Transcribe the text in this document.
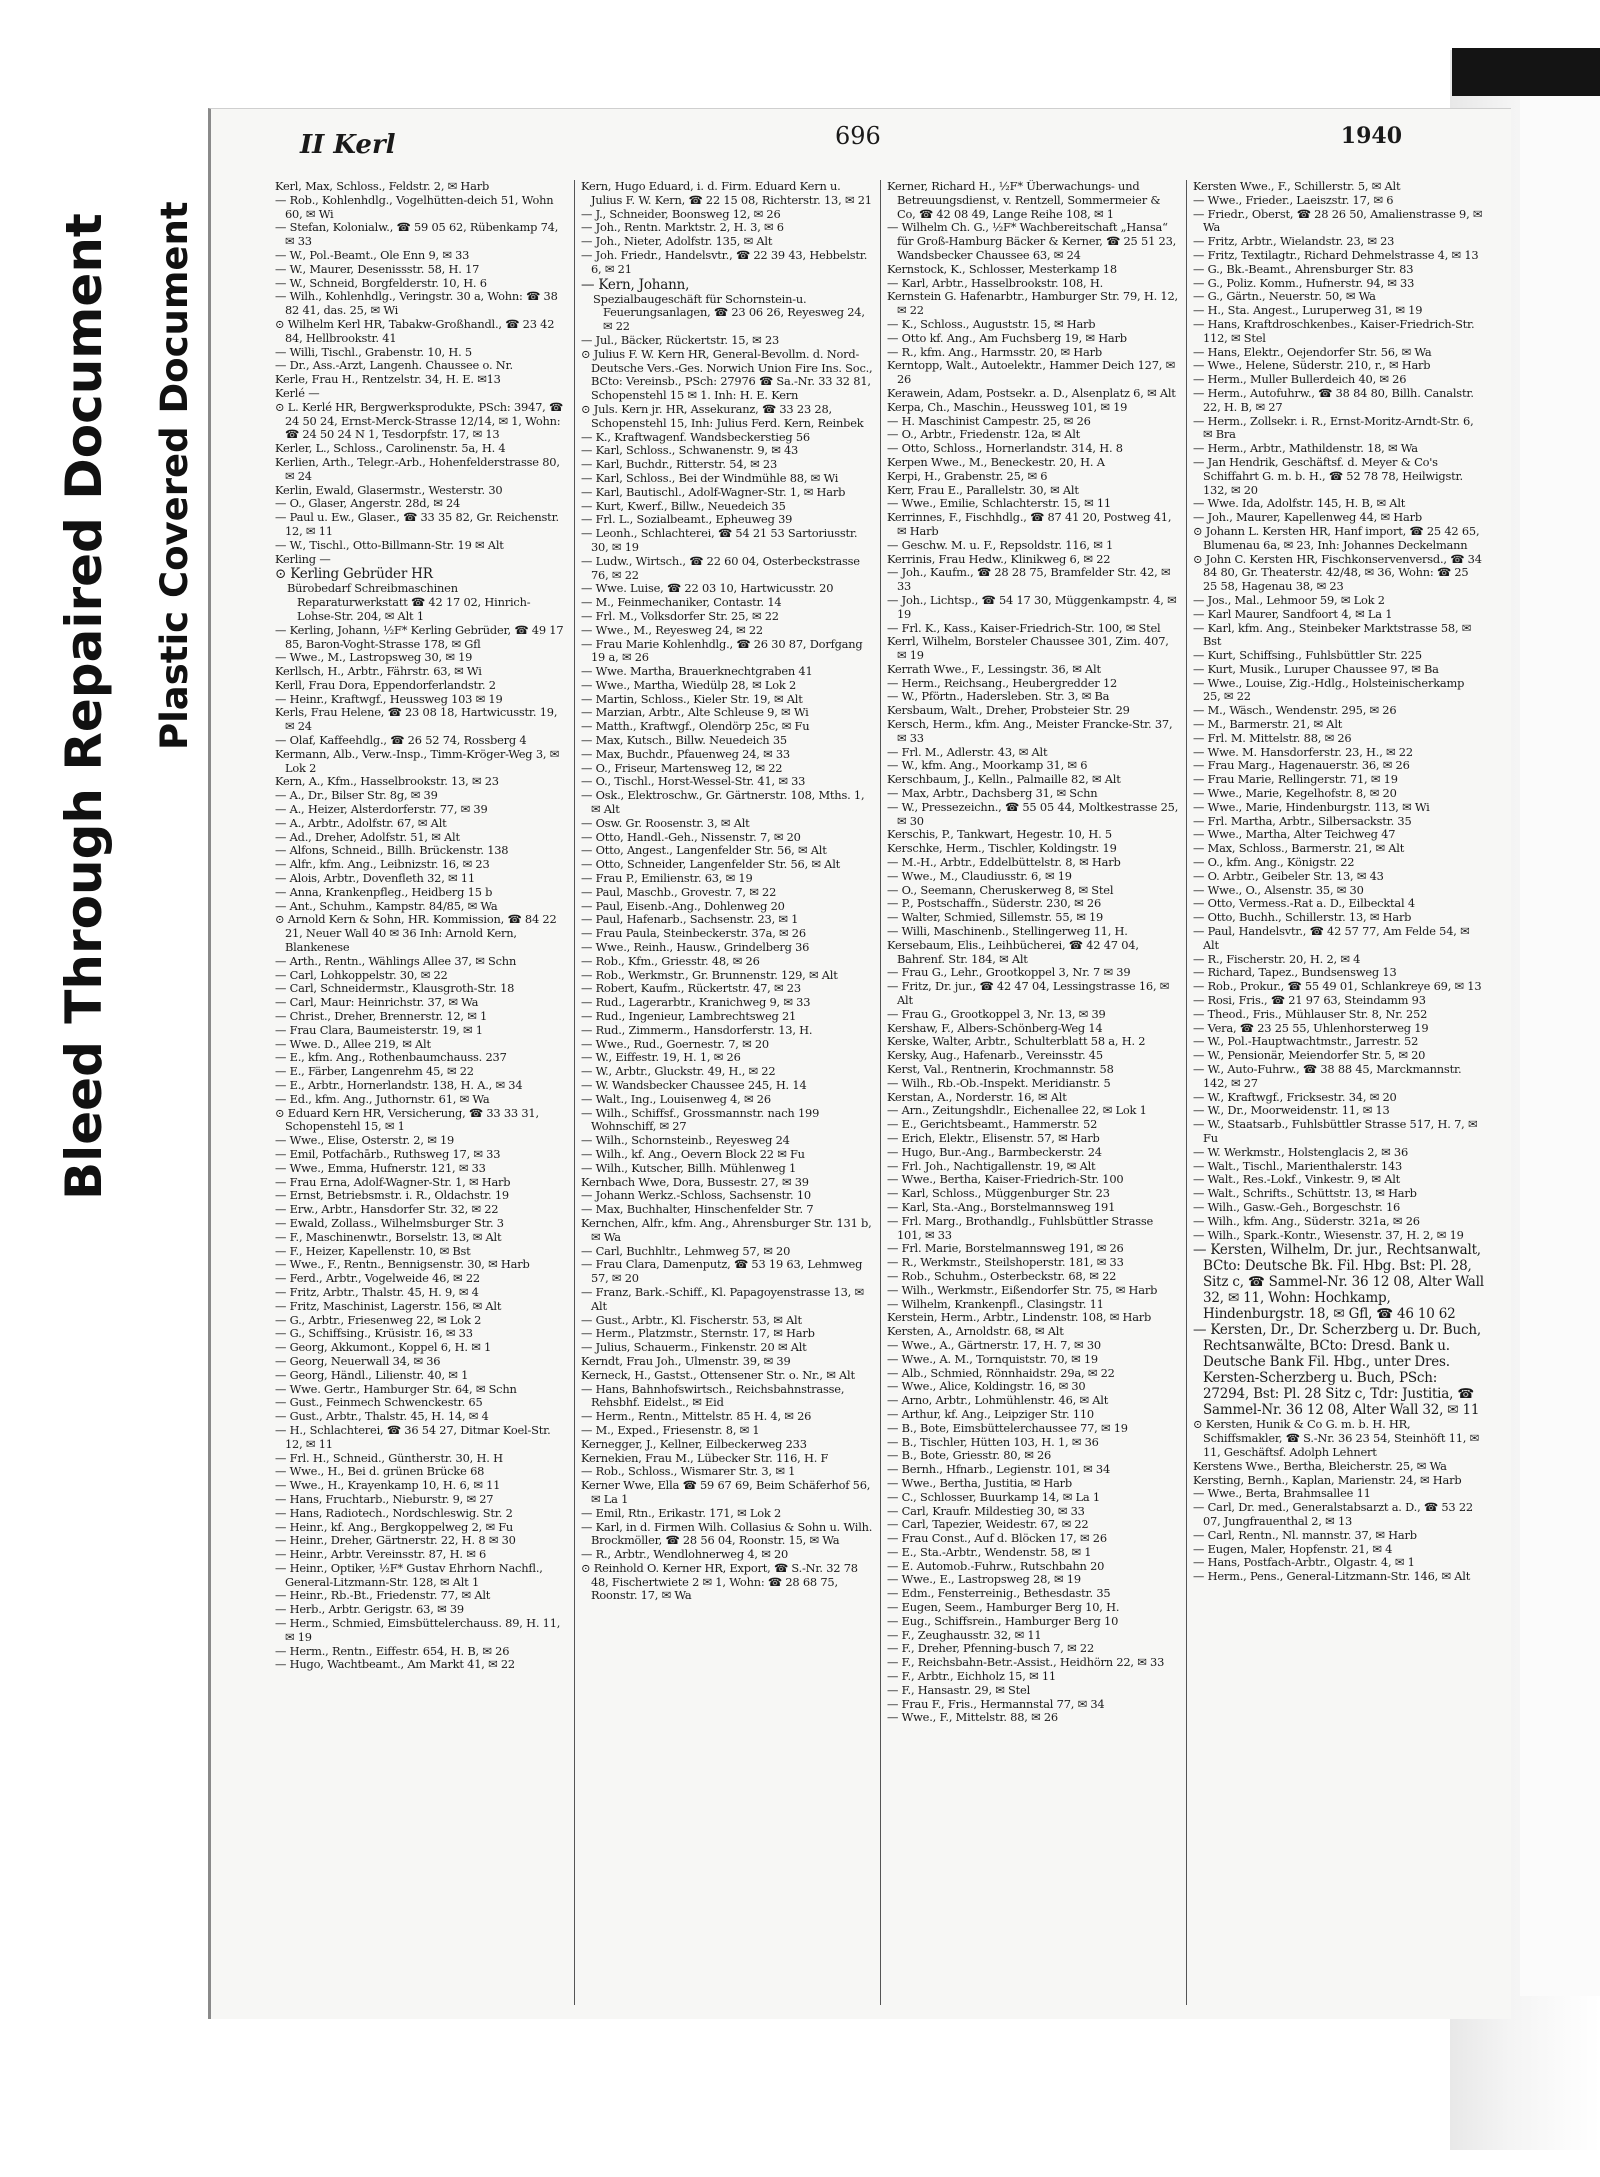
Bleed Through Repaired Document Plastic Covered Document
II Kerl	696	1940

Kerl, Max, Schloss., Feldstr. 2, ✉ Harb

— Rob., Kohlenhdlg., Vogelhütten-deich 51, Wohn 60, ✉ Wi

— Stefan, Kolonialw., ☎ 59 05 62, Rübenkamp 74, ✉ 33

— W., Pol.-Beamt., Ole Enn 9, ✉ 33

— W., Maurer, Desenissstr. 58, H. 17

— W., Schneid, Borgfelderstr. 10, H. 6

— Wilh., Kohlenhdlg., Veringstr. 30 a, Wohn: ☎ 38 82 41, das. 25, ✉ Wi

⊙ Wilhelm Kerl HR, Tabakw-Großhandl., ☎ 23 42 84, Hellbrookstr. 41

— Willi, Tischl., Grabenstr. 10, H. 5

— Dr., Ass.-Arzt, Langenh. Chaussee o. Nr.

Kerle, Frau H., Rentzelstr. 34, H. E. ✉13

Kerlé —

⊙ L. Kerlé HR, Bergwerksprodukte, PSch: 3947, ☎ 24 50 24, Ernst-Merck-Strasse 12/14, ✉ 1, Wohn: ☎ 24 50 24 N 1, Tesdorpfstr. 17, ✉ 13

Kerler, L., Schloss., Carolinenstr. 5a, H. 4

Kerlien, Arth., Telegr.-Arb., Hohenfelderstrasse 80, ✉ 24

Kerlin, Ewald, Glasermstr., Westerstr. 30

— O., Glaser, Angerstr. 28d, ✉ 24

— Paul u. Ew., Glaser., ☎ 33 35 82, Gr. Reichenstr. 12, ✉ 11

— W., Tischl., Otto-Billmann-Str. 19 ✉ Alt

Kerling —

⊙ Kerling Gebrüder HR

Bürobedarf Schreibmaschinen Reparaturwerkstatt ☎ 42 17 02, Hinrich-Lohse-Str. 204, ✉ Alt 1

— Kerling, Johann, ½F* Kerling Gebrüder, ☎ 49 17 85, Baron-Voght-Strasse 178, ✉ Gfl

— Wwe., M., Lastropsweg 30, ✉ 19

Kerllsch, H., Arbtr., Fährstr. 63, ✉ Wi

Kerll, Frau Dora, Eppendorferlandstr. 2

— Heinr., Kraftwgf., Heussweg 103 ✉ 19

Kerls, Frau Helene, ☎ 23 08 18, Hartwicusstr. 19, ✉ 24

— Olaf, Kaffeehdlg., ☎ 26 52 74, Rossberg 4

Kermann, Alb., Verw.-Insp., Timm-Kröger-Weg 3, ✉ Lok 2

Kern, A., Kfm., Hasselbrookstr. 13, ✉ 23

— A., Dr., Bilser Str. 8g, ✉ 39

— A., Heizer, Alsterdorferstr. 77, ✉ 39

— A., Arbtr., Adolfstr. 67, ✉ Alt

— Ad., Dreher, Adolfstr. 51, ✉ Alt

— Alfons, Schneid., Billh. Brückenstr. 138

— Alfr., kfm. Ang., Leibnizstr. 16, ✉ 23

— Alois, Arbtr., Dovenfleth 32, ✉ 11

— Anna, Krankenpfleg., Heidberg 15 b

— Ant., Schuhm., Kampstr. 84/85, ✉ Wa

⊙ Arnold Kern & Sohn, HR. Kommission, ☎ 84 22 21, Neuer Wall 40 ✉ 36 Inh: Arnold Kern, Blankenese

— Arth., Rentn., Wählings Allee 37, ✉ Schn

— Carl, Lohkoppelstr. 30, ✉ 22

— Carl, Schneidermstr., Klausgroth-Str. 18

— Carl, Maur: Heinrichstr. 37, ✉ Wa

— Christ., Dreher, Brennerstr. 12, ✉ 1

— Frau Clara, Baumeisterstr. 19, ✉ 1

— Wwe. D., Allee 219, ✉ Alt

— E., kfm. Ang., Rothenbaumchauss. 237

— E., Färber, Langenrehm 45, ✉ 22

— E., Arbtr., Hornerlandstr. 138, H. A., ✉ 34

— Ed., kfm. Ang., Juthornstr. 61, ✉ Wa

⊙ Eduard Kern HR, Versicherung, ☎ 33 33 31, Schopenstehl 15, ✉ 1

— Wwe., Elise, Osterstr. 2, ✉ 19

— Emil, Potfachārb., Ruthsweg 17, ✉ 33

— Wwe., Emma, Hufnerstr. 121, ✉ 33

— Frau Erna, Adolf-Wagner-Str. 1, ✉ Harb

— Ernst, Betriebsmstr. i. R., Oldachstr. 19

— Erw., Arbtr., Hansdorfer Str. 32, ✉ 22

— Ewald, Zollass., Wilhelmsburger Str. 3

— F., Maschinenwtr., Borselstr. 13, ✉ Alt

— F., Heizer, Kapellenstr. 10, ✉ Bst

— Wwe., F., Rentn., Bennigsenstr. 30, ✉ Harb

— Ferd., Arbtr., Vogelweide 46, ✉ 22

— Fritz, Arbtr., Thalstr. 45, H. 9, ✉ 4

— Fritz, Maschinist, Lagerstr. 156, ✉ Alt

— G., Arbtr., Friesenweg 22, ✉ Lok 2

— G., Schiffsing., Krüsistr. 16, ✉ 33

— Georg, Akkumont., Koppel 6, H. ✉ 1

— Georg, Neuerwall 34, ✉ 36

— Georg, Händl., Lilienstr. 40, ✉ 1

— Wwe. Gertr., Hamburger Str. 64, ✉ Schn

— Gust., Feinmech Schwenckestr. 65

— Gust., Arbtr., Thalstr. 45, H. 14, ✉ 4

— H., Schlachterei, ☎ 36 54 27, Ditmar Koel-Str. 12, ✉ 11

— Frl. H., Schneid., Güntherstr. 30, H. H

— Wwe., H., Bei d. grünen Brücke 68

— Wwe., H., Krayenkamp 10, H. 6, ✉ 11

— Hans, Fruchtarb., Nieburstr. 9, ✉ 27

— Hans, Radiotech., Nordschleswig. Str. 2

— Heinr., kf. Ang., Bergkoppelweg 2, ✉ Fu

— Heinr., Dreher, Gärtnerstr. 22, H. 8 ✉ 30

— Heinr., Arbtr. Vereinsstr. 87, H. ✉ 6

— Heinr., Optiker, ½F* Gustav Ehrhorn Nachfl., General-Litzmann-Str. 128, ✉ Alt 1

— Heinr., Rb.-Bt., Friedenstr. 77, ✉ Alt

— Herb., Arbtr. Gerigstr. 63, ✉ 39

— Herm., Schmied, Eimsbüttelerchauss. 89, H. 11, ✉ 19

— Herm., Rentn., Eiffestr. 654, H. B, ✉ 26

— Hugo, Wachtbeamt., Am Markt 41, ✉ 22

Kern, Hugo Eduard, i. d. Firm. Eduard Kern u. Julius F. W. Kern, ☎ 22 15 08, Richterstr. 13, ✉ 21

— J., Schneider, Boonsweg 12, ✉ 26

— Joh., Rentn. Marktstr. 2, H. 3, ✉ 6

— Joh., Nieter, Adolfstr. 135, ✉ Alt

— Joh. Friedr., Handelsvtr., ☎ 22 39 43, Hebbelstr. 6, ✉ 21

— Kern, Johann,

Spezialbaugeschäft für Schornstein-u. Feuerungsanlagen, ☎ 23 06 26, Reyesweg 24, ✉ 22

— Jul., Bäcker, Rückertstr. 15, ✉ 23

⊙ Julius F. W. Kern HR, General-Bevollm. d. Nord-Deutsche Vers.-Ges. Norwich Union Fire Ins. Soc., BCto: Vereinsb., PSch: 27976 ☎ Sa.-Nr. 33 32 81, Schopenstehl 15 ✉ 1. Inh: H. E. Kern

⊙ Juls. Kern jr. HR, Assekuranz, ☎ 33 23 28, Schopenstehl 15, Inh: Julius Ferd. Kern, Reinbek

— K., Kraftwagenf. Wandsbeckerstieg 56

— Karl, Schloss., Schwanenstr. 9, ✉ 43

— Karl, Buchdr., Ritterstr. 54, ✉ 23

— Karl, Schloss., Bei der Windmühle 88, ✉ Wi

— Karl, Bautischl., Adolf-Wagner-Str. 1, ✉ Harb

— Kurt, Kwerf., Billw., Neuedeich 35

— Frl. L., Sozialbeamt., Epheuweg 39

— Leonh., Schlachterei, ☎ 54 21 53 Sartoriusstr. 30, ✉ 19

— Ludw., Wirtsch., ☎ 22 60 04, Osterbeckstrasse 76, ✉ 22

— Wwe. Luise, ☎ 22 03 10, Hartwicusstr. 20

— M., Feinmechaniker, Contastr. 14

— Frl. M., Volksdorfer Str. 25, ✉ 22

— Wwe., M., Reyesweg 24, ✉ 22

— Frau Marie Kohlenhdlg., ☎ 26 30 87, Dorfgang 19 a, ✉ 26

— Wwe. Martha, Brauerknechtgraben 41

— Wwe., Martha, Wiedülp 28, ✉ Lok 2

— Martin, Schloss., Kieler Str. 19, ✉ Alt

— Marzian, Arbtr., Alte Schleuse 9, ✉ Wi

— Matth., Kraftwgf., Olendörp 25c, ✉ Fu

— Max, Kutsch., Billw. Neuedeich 35

— Max, Buchdr., Pfauenweg 24, ✉ 33

— O., Friseur, Martensweg 12, ✉ 22

— O., Tischl., Horst-Wessel-Str. 41, ✉ 33

— Osk., Elektroschw., Gr. Gärtnerstr. 108, Mths. 1, ✉ Alt

— Osw. Gr. Roosenstr. 3, ✉ Alt

— Otto, Handl.-Geh., Nissenstr. 7, ✉ 20

— Otto, Angest., Langenfelder Str. 56, ✉ Alt

— Otto, Schneider, Langenfelder Str. 56, ✉ Alt

— Frau P., Emilienstr. 63, ✉ 19

— Paul, Maschb., Grovestr. 7, ✉ 22

— Paul, Eisenb.-Ang., Dohlenweg 20

— Paul, Hafenarb., Sachsenstr. 23, ✉ 1

— Frau Paula, Steinbeckerstr. 37a, ✉ 26

— Wwe., Reinh., Hausw., Grindelberg 36

— Rob., Kfm., Griesstr. 48, ✉ 26

— Rob., Werkmstr., Gr. Brunnenstr. 129, ✉ Alt

— Robert, Kaufm., Rückertstr. 47, ✉ 23

— Rud., Lagerarbtr., Kranichweg 9, ✉ 33

— Rud., Ingenieur, Lambrechtsweg 21

— Rud., Zimmerm., Hansdorferstr. 13, H.

— Wwe., Rud., Goernestr. 7, ✉ 20

— W., Eiffestr. 19, H. 1, ✉ 26

— W., Arbtr., Gluckstr. 49, H., ✉ 22

— W. Wandsbecker Chaussee 245, H. 14

— Walt., Ing., Louisenweg 4, ✉ 26

— Wilh., Schiffsf., Grossmannstr. nach 199 Wohnschiff, ✉ 27

— Wilh., Schornsteinb., Reyesweg 24

— Wilh., kf. Ang., Oevern Block 22 ✉ Fu

— Wilh., Kutscher, Billh. Mühlenweg 1

Kernbach Wwe, Dora, Bussestr. 27, ✉ 39

— Johann Werkz.-Schloss, Sachsenstr. 10

— Max, Buchhalter, Hinschenfelder Str. 7

Kernchen, Alfr., kfm. Ang., Ahrensburger Str. 131 b, ✉ Wa

— Carl, Buchhltr., Lehmweg 57, ✉ 20

— Frau Clara, Damenputz, ☎ 53 19 63, Lehmweg 57, ✉ 20

— Franz, Bark.-Schiff., Kl. Papagoyenstrasse 13, ✉ Alt

— Gust., Arbtr., Kl. Fischerstr. 53, ✉ Alt

— Herm., Platzmstr., Sternstr. 17, ✉ Harb

— Julius, Schauerm., Finkenstr. 20 ✉ Alt

Kerndt, Frau Joh., Ulmenstr. 39, ✉ 39

Kerneck, H., Gastst., Ottensener Str. o. Nr., ✉ Alt

— Hans, Bahnhofswirtsch., Reichsbahnstrasse, Rehsbhf. Eidelst., ✉ Eid

— Herm., Rentn., Mittelstr. 85 H. 4, ✉ 26

— M., Exped., Friesenstr. 8, ✉ 1

Kernegger, J., Kellner, Eilbeckerweg 233

Kernekien, Frau M., Lübecker Str. 116, H. F

— Rob., Schloss., Wismarer Str. 3, ✉ 1

Kerner Wwe, Ella ☎ 59 67 69, Beim Schäferhof 56, ✉ La 1

— Emil, Rtn., Erikastr. 171, ✉ Lok 2

— Karl, in d. Firmen Wilh. Collasius & Sohn u. Wilh. Brockmöller, ☎ 28 56 04, Roonstr. 15, ✉ Wa

— R., Arbtr., Wendlohnerweg 4, ✉ 20

⊙ Reinhold O. Kerner HR, Export, ☎ S.-Nr. 32 78 48, Fischertwiete 2 ✉ 1, Wohn: ☎ 28 68 75, Roonstr. 17, ✉ Wa

Kerner, Richard H., ½F* Überwachungs- und Betreuungsdienst, v. Rentzell, Sommermeier & Co, ☎ 42 08 49, Lange Reihe 108, ✉ 1

— Wilhelm Ch. G., ½F* Wachbereitschaft „Hansa“ für Groß-Hamburg Bäcker & Kerner, ☎ 25 51 23, Wandsbecker Chaussee 63, ✉ 24

Kernstock, K., Schlosser, Mesterkamp 18

— Karl, Arbtr., Hasselbrookstr. 108, H.

Kernstein G. Hafenarbtr., Hamburger Str. 79, H. 12, ✉ 22

— K., Schloss., Auguststr. 15, ✉ Harb

— Otto kf. Ang., Am Fuchsberg 19, ✉ Harb

— R., kfm. Ang., Harmsstr. 20, ✉ Harb

Kerntopp, Walt., Autoelektr., Hammer Deich 127, ✉ 26

Kerawein, Adam, Postsekr. a. D., Alsenplatz 6, ✉ Alt

Kerpa, Ch., Maschin., Heussweg 101, ✉ 19

— H. Maschinist Campestr. 25, ✉ 26

— O., Arbtr., Friedenstr. 12a, ✉ Alt

— Otto, Schloss., Hornerlandstr. 314, H. 8

Kerpen Wwe., M., Beneckestr. 20, H. A

Kerpi, H., Grabenstr. 25, ✉ 6

Kerr, Frau E., Parallelstr. 30, ✉ Alt

— Wwe., Emilie, Schlachterstr. 15, ✉ 11

Kerrinnes, F., Fischhdlg., ☎ 87 41 20, Postweg 41, ✉ Harb

— Geschw. M. u. F., Repsoldstr. 116, ✉ 1

Kerrinis, Frau Hedw., Klinikweg 6, ✉ 22

— Joh., Kaufm., ☎ 28 28 75, Bramfelder Str. 42, ✉ 33

— Joh., Lichtsp., ☎ 54 17 30, Müggenkampstr. 4, ✉ 19

— Frl. K., Kass., Kaiser-Friedrich-Str. 100, ✉ Stel

Kerrl, Wilhelm, Borsteler Chaussee 301, Zim. 407, ✉ 19

Kerrath Wwe., F., Lessingstr. 36, ✉ Alt

— Herm., Reichsang., Heubergredder 12

— W., Pförtn., Hadersleben. Str. 3, ✉ Ba

Kersbaum, Walt., Dreher, Probsteier Str. 29

Kersch, Herm., kfm. Ang., Meister Francke-Str. 37, ✉ 33

— Frl. M., Adlerstr. 43, ✉ Alt

— W., kfm. Ang., Moorkamp 31, ✉ 6

Kerschbaum, J., Kelln., Palmaille 82, ✉ Alt

— Max, Arbtr., Dachsberg 31, ✉ Schn

— W., Pressezeichn., ☎ 55 05 44, Moltkestrasse 25, ✉ 30

Kerschis, P., Tankwart, Hegestr. 10, H. 5

Kerschke, Herm., Tischler, Koldingstr. 19

— M.-H., Arbtr., Eddelbüttelstr. 8, ✉ Harb

— Wwe., M., Claudiusstr. 6, ✉ 19

— O., Seemann, Cheruskerweg 8, ✉ Stel

— P., Postschaffn., Süderstr. 230, ✉ 26

— Walter, Schmied, Sillemstr. 55, ✉ 19

— Willi, Maschinenb., Stellingerweg 11, H.

Kersebaum, Elis., Leihbücherei, ☎ 42 47 04, Bahrenf. Str. 184, ✉ Alt

— Frau G., Lehr., Grootkoppel 3, Nr. 7 ✉ 39

— Fritz, Dr. jur., ☎ 42 47 04, Lessingstrasse 16, ✉ Alt

— Frau G., Grootkoppel 3, Nr. 13, ✉ 39

Kershaw, F., Albers-Schönberg-Weg 14

Kerske, Walter, Arbtr., Schulterblatt 58 a, H. 2

Kersky, Aug., Hafenarb., Vereinsstr. 45

Kerst, Val., Rentnerin, Krochmannstr. 58

— Wilh., Rb.-Ob.-Inspekt. Meridianstr. 5

Kerstan, A., Norderstr. 16, ✉ Alt

— Arn., Zeitungshdlr., Eichenallee 22, ✉ Lok 1

— E., Gerichtsbeamt., Hammerstr. 52

— Erich, Elektr., Elisenstr. 57, ✉ Harb

— Hugo, Bur.-Ang., Barmbeckerstr. 24

— Frl. Joh., Nachtigallenstr. 19, ✉ Alt

— Wwe., Bertha, Kaiser-Friedrich-Str. 100

— Karl, Schloss., Müggenburger Str. 23

— Karl, Sta.-Ang., Borstelmannsweg 191

— Frl. Marg., Brothandlg., Fuhlsbüttler Strasse 101, ✉ 33

— Frl. Marie, Borstelmannsweg 191, ✉ 26

— R., Werkmstr., Steilshoperstr. 181, ✉ 33

— Rob., Schuhm., Osterbeckstr. 68, ✉ 22

— Wilh., Werkmstr., Eißendorfer Str. 75, ✉ Harb

— Wilhelm, Krankenpfl., Clasingstr. 11

Kerstein, Herm., Arbtr., Lindenstr. 108, ✉ Harb

Kersten, A., Arnoldstr. 68, ✉ Alt

— Wwe., A., Gärtnerstr. 17, H. 7, ✉ 30

— Wwe., A. M., Tornquiststr. 70, ✉ 19

— Alb., Schmied, Rönnhaidstr. 29a, ✉ 22

— Wwe., Alice, Koldingstr. 16, ✉ 30

— Arno, Arbtr., Lohmühlenstr. 46, ✉ Alt

— Arthur, kf. Ang., Leipziger Str. 110

— B., Bote, Eimsbüttelerchaussee 77, ✉ 19

— B., Tischler, Hütten 103, H. 1, ✉ 36

— B., Bote, Griesstr. 80, ✉ 26

— Bernh., Hfnarb., Legienstr. 101, ✉ 34

— Wwe., Bertha, Justitia, ✉ Harb

— C., Schlosser, Buurkamp 14, ✉ La 1

— Carl, Kraufr. Mildestieg 30, ✉ 33

— Carl, Tapezier, Weidestr. 67, ✉ 22

— Frau Const., Auf d. Blöcken 17, ✉ 26

— E., Sta.-Arbtr., Wendenstr. 58, ✉ 1

— E. Automob.-Fuhrw., Rutschbahn 20

— Wwe., E., Lastropsweg 28, ✉ 19

— Edm., Fensterreinig., Bethesdastr. 35

— Eugen, Seem., Hamburger Berg 10, H.

— Eug., Schiffsrein., Hamburger Berg 10

— F., Zeughausstr. 32, ✉ 11

— F., Dreher, Pfenning-busch 7, ✉ 22

— F., Reichsbahn-Betr.-Assist., Heidhörn 22, ✉ 33

— F., Arbtr., Eichholz 15, ✉ 11

— F., Hansastr. 29, ✉ Stel

— Frau F., Fris., Hermannstal 77, ✉ 34

— Wwe., F., Mittelstr. 88, ✉ 26

Kersten Wwe., F., Schillerstr. 5, ✉ Alt

— Wwe., Frieder., Laeiszstr. 17, ✉ 6

— Friedr., Oberst, ☎ 28 26 50, Amalienstrasse 9, ✉ Wa

— Fritz, Arbtr., Wielandstr. 23, ✉ 23

— Fritz, Textilagtr., Richard Dehmelstrasse 4, ✉ 13

— G., Bk.-Beamt., Ahrensburger Str. 83

— G., Poliz. Komm., Hufnerstr. 94, ✉ 33

— G., Gärtn., Neuerstr. 50, ✉ Wa

— H., Sta. Angest., Luruperweg 31, ✉ 19

— Hans, Kraftdroschkenbes., Kaiser-Friedrich-Str. 112, ✉ Stel

— Hans, Elektr., Oejendorfer Str. 56, ✉ Wa

— Wwe., Helene, Süderstr. 210, r., ✉ Harb

— Herm., Muller Bullerdeich 40, ✉ 26

— Herm., Autofuhrw., ☎ 38 84 80, Billh. Canalstr. 22, H. B, ✉ 27

— Herm., Zollsekr. i. R., Ernst-Moritz-Arndt-Str. 6, ✉ Bra

— Herm., Arbtr., Mathildenstr. 18, ✉ Wa

— Jan Hendrik, Geschäftsf. d. Meyer & Co's Schiffahrt G. m. b. H., ☎ 52 78 78, Heilwigstr. 132, ✉ 20

— Wwe. Ida, Adolfstr. 145, H. B, ✉ Alt

— Joh., Maurer, Kapellenweg 44, ✉ Harb

⊙ Johann L. Kersten HR, Hanf import, ☎ 25 42 65, Blumenau 6a, ✉ 23, Inh: Johannes Deckelmann

⊙ John C. Kersten HR, Fischkonservenversd., ☎ 34 84 80, Gr. Theaterstr. 42/48, ✉ 36, Wohn: ☎ 25 25 58, Hagenau 38, ✉ 23

— Jos., Mal., Lehmoor 59, ✉ Lok 2

— Karl Maurer, Sandfoort 4, ✉ La 1

— Karl, kfm. Ang., Steinbeker Marktstrasse 58, ✉ Bst

— Kurt, Schiffsing., Fuhlsbüttler Str. 225

— Kurt, Musik., Luruper Chaussee 97, ✉ Ba

— Wwe., Louise, Zig.-Hdlg., Holsteinischerkamp 25, ✉ 22

— M., Wäsch., Wendenstr. 295, ✉ 26

— M., Barmerstr. 21, ✉ Alt

— Frl. M. Mittelstr. 88, ✉ 26

— Wwe. M. Hansdorferstr. 23, H., ✉ 22

— Frau Marg., Hagenauerstr. 36, ✉ 26

— Frau Marie, Rellingerstr. 71, ✉ 19

— Wwe., Marie, Kegelhofstr. 8, ✉ 20

— Wwe., Marie, Hindenburgstr. 113, ✉ Wi

— Frl. Martha, Arbtr., Silbersackstr. 35

— Wwe., Martha, Alter Teichweg 47

— Max, Schloss., Barmerstr. 21, ✉ Alt

— O., kfm. Ang., Königstr. 22

— O. Arbtr., Geibeler Str. 13, ✉ 43

— Wwe., O., Alsenstr. 35, ✉ 30

— Otto, Vermess.-Rat a. D., Eilbecktal 4

— Otto, Buchh., Schillerstr. 13, ✉ Harb

— Paul, Handelsvtr., ☎ 42 57 77, Am Felde 54, ✉ Alt

— R., Fischerstr. 20, H. 2, ✉ 4

— Richard, Tapez., Bundsensweg 13

— Rob., Prokur., ☎ 55 49 01, Schlankreye 69, ✉ 13

— Rosi, Fris., ☎ 21 97 63, Steindamm 93

— Theod., Fris., Mühlauser Str. 8, Nr. 252

— Vera, ☎ 23 25 55, Uhlenhorsterweg 19

— W., Pol.-Hauptwachtmstr., Jarrestr. 52

— W., Pensionär, Meiendorfer Str. 5, ✉ 20

— W., Auto-Fuhrw., ☎ 38 88 45, Marckmannstr. 142, ✉ 27

— W., Kraftwgf., Fricksestr. 34, ✉ 20

— W., Dr., Moorweidenstr. 11, ✉ 13

— W., Staatsarb., Fuhlsbüttler Strasse 517, H. 7, ✉ Fu

— W. Werkmstr., Holstenglacis 2, ✉ 36

— Walt., Tischl., Marienthalerstr. 143

— Walt., Res.-Lokf., Vinkestr. 9, ✉ Alt

— Walt., Schrifts., Schüttstr. 13, ✉ Harb

— Wilh., Gasw.-Geh., Borgeschstr. 16

— Wilh., kfm. Ang., Süderstr. 321a, ✉ 26

— Wilh., Spark.-Kontr., Wiesenstr. 37, H. 2, ✉ 19

— Kersten, Wilhelm, Dr. jur., Rechtsanwalt, BCto: Deutsche Bk. Fil. Hbg. Bst: Pl. 28, Sitz c, ☎ Sammel-Nr. 36 12 08, Alter Wall 32, ✉ 11, Wohn: Hochkamp, Hindenburgstr. 18, ✉ Gfl, ☎ 46 10 62

— Kersten, Dr., Dr. Scherzberg u. Dr. Buch, Rechtsanwälte, BCto: Dresd. Bank u. Deutsche Bank Fil. Hbg., unter Dres. Kersten-Scherzberg u. Buch, PSch: 27294, Bst: Pl. 28 Sitz c, Tdr: Justitia, ☎ Sammel-Nr. 36 12 08, Alter Wall 32, ✉ 11

⊙ Kersten, Hunik & Co G. m. b. H. HR, Schiffsmakler, ☎ S.-Nr. 36 23 54, Steinhöft 11, ✉ 11, Geschäftsf. Adolph Lehnert

Kerstens Wwe., Bertha, Bleicherstr. 25, ✉ Wa

Kersting, Bernh., Kaplan, Marienstr. 24, ✉ Harb

— Wwe., Berta, Brahmsallee 11

— Carl, Dr. med., Generalstabsarzt a. D., ☎ 53 22 07, Jungfrauenthal 2, ✉ 13

— Carl, Rentn., Nl. mannstr. 37, ✉ Harb

— Eugen, Maler, Hopfenstr. 21, ✉ 4

— Hans, Postfach-Arbtr., Olgastr. 4, ✉ 1

— Herm., Pens., General-Litzmann-Str. 146, ✉ Alt
